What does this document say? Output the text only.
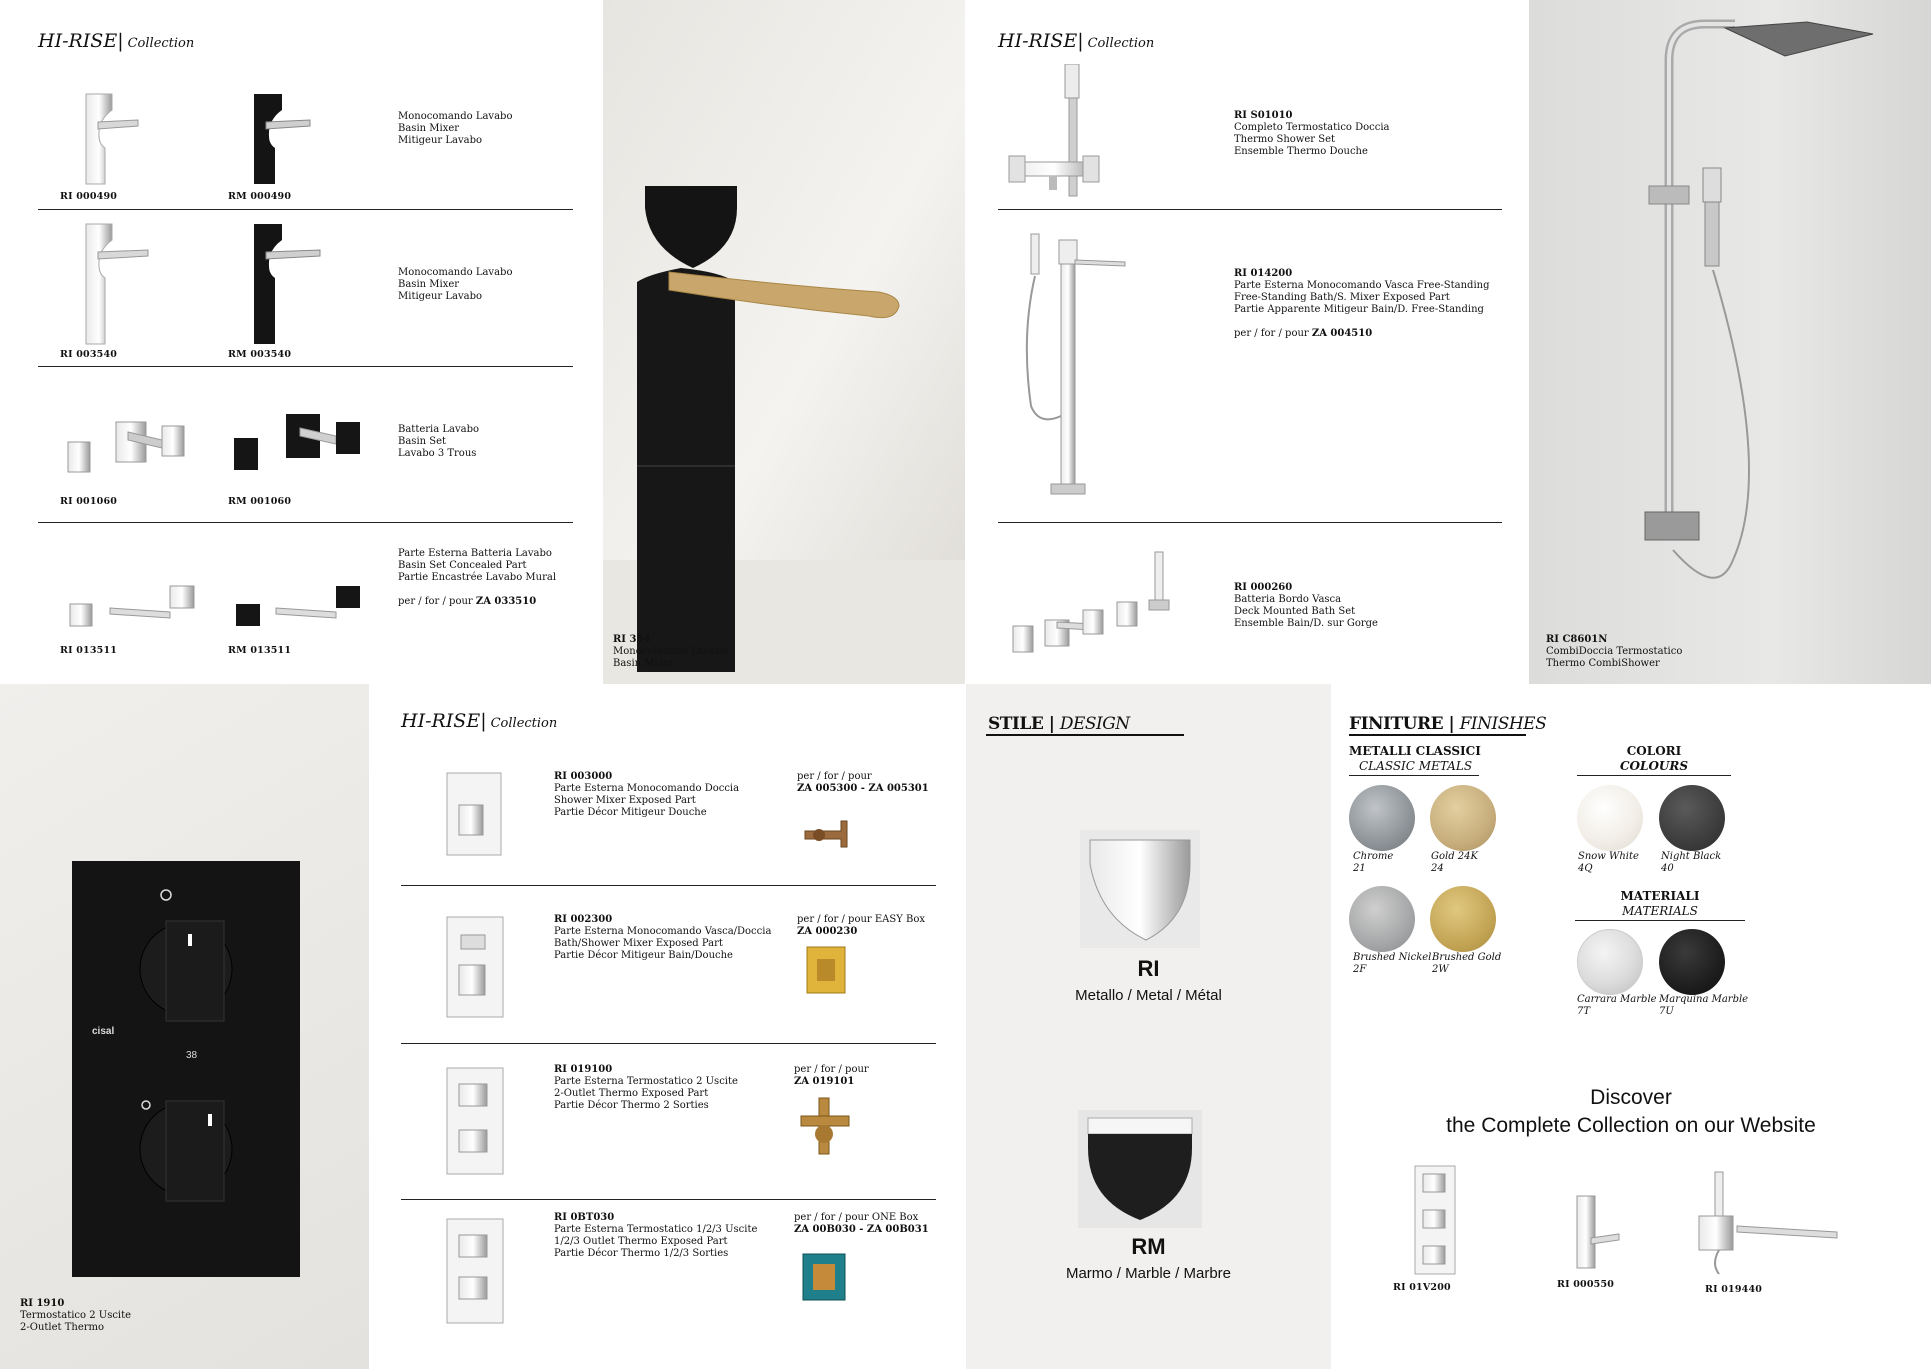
HI-RISE| Collection
RI 000490	RM 000490
Monocomando Lavabo
Basin Mixer
Mitigeur Lavabo
RI 003540	RM 003540
Monocomando Lavabo
Basin Mixer
Mitigeur Lavabo
RI 001060	RM 001060
Batteria Lavabo
Basin Set
Lavabo 3 Trous
RI 013511	RM 013511
Parte Esterna Batteria Lavabo
Basin Set Concealed Part
Partie Encastrée Lavabo Mural
per / for / pour ZA 033510
RI 354
Monocomando Lavabo
Basin Mixer
HI-RISE| Collection
RI S01010
Completo Termostatico Doccia
Thermo Shower Set
Ensemble Thermo Douche
RI 014200
Parte Esterna Monocomando Vasca Free-Standing
Free-Standing Bath/S. Mixer Exposed Part
Partie Apparente Mitigeur Bain/D. Free-Standing
per / for / pour ZA 004510
RI 000260
Batteria Bordo Vasca
Deck Mounted Bath Set
Ensemble Bain/D. sur Gorge
RI C8601N
CombiDoccia Termostatico
Thermo CombiShower
cisal
38
RI 1910
Termostatico 2 Uscite
2-Outlet Thermo
HI-RISE| Collection
RI 003000
Parte Esterna Monocomando Doccia
Shower Mixer Exposed Part
Partie Décor Mitigeur Douche
per / for / pour
ZA 005300 - ZA 005301
RI 002300
Parte Esterna Monocomando Vasca/Doccia
Bath/Shower Mixer Exposed Part
Partie Décor Mitigeur Bain/Douche
per / for / pour EASY Box
ZA 000230
RI 019100
Parte Esterna Termostatico 2 Uscite
2-Outlet Thermo Exposed Part
Partie Décor Thermo 2 Sorties
per / for / pour
ZA 019101
RI 0BT030
Parte Esterna Termostatico 1/2/3 Uscite
1/2/3 Outlet Thermo Exposed Part
Partie Décor Thermo 1/2/3 Sorties
per / for / pour ONE Box
ZA 00B030 - ZA 00B031
STILE | DESIGN
RI
Metallo / Metal / Métal
RM
Marmo / Marble / Marbre
FINITURE | FINISHES
METALLI CLASSICI
CLASSIC METALS
Chrome
21
Gold 24K
24
Brushed Nickel
2F
Brushed Gold
2W
COLORI
COLOURS
Snow White
4Q
Night Black
40
MATERIALI
MATERIALS
Carrara Marble
7T
Marquina Marble
7U
Discover
the Complete Collection on our Website
RI 01V200	RI 000550	RI 019440
